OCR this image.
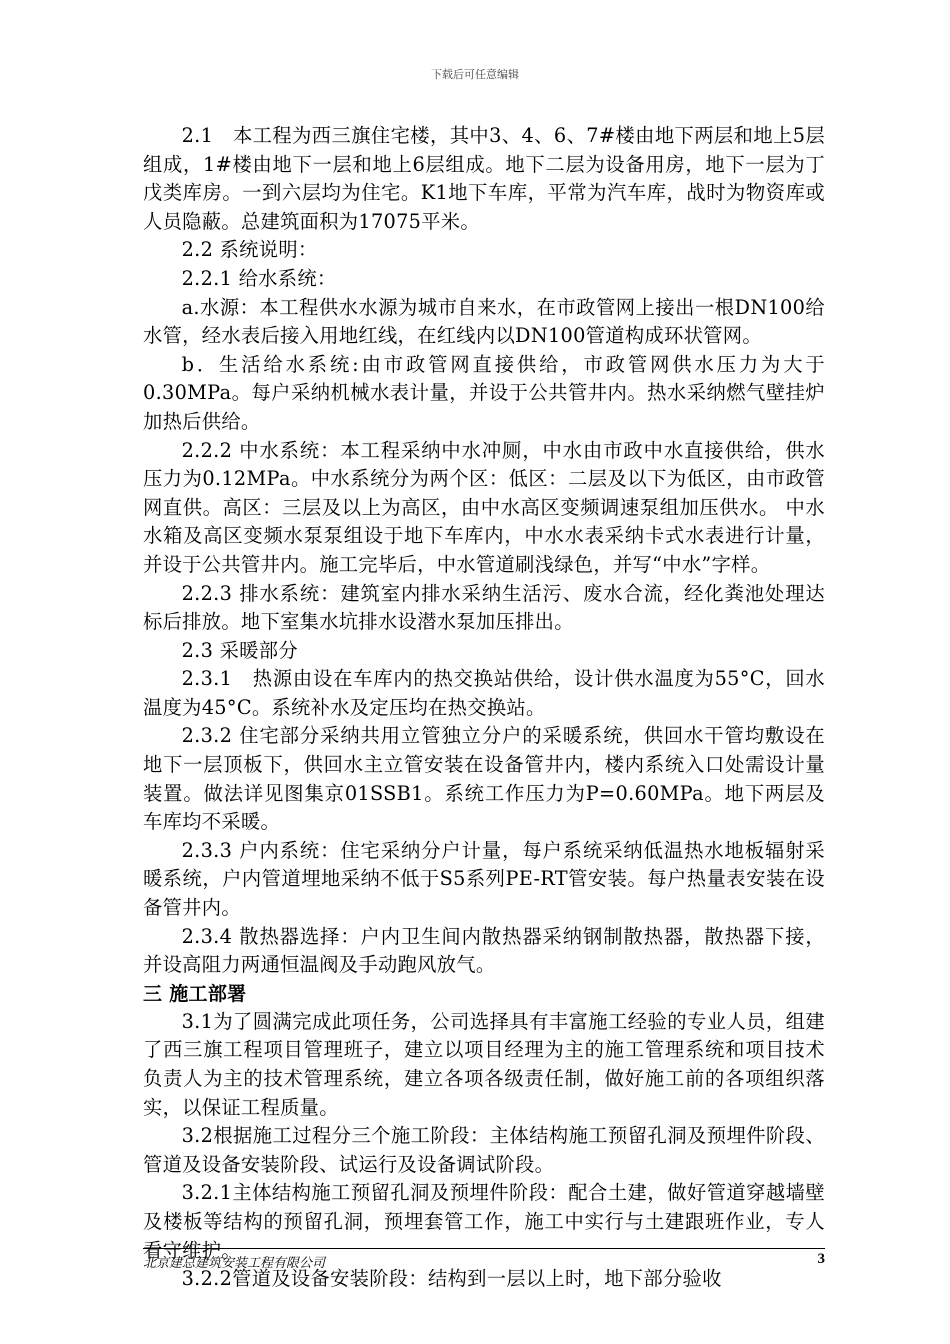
下载后可任意编辑

2.1　本工程为西三旗住宅楼，其中3、4、6、7#楼由地下两层和地上5层组成，1#楼由地下一层和地上6层组成。地下二层为设备用房，地下一层为丁戊类库房。一到六层均为住宅。K1地下车库，平常为汽车库，战时为物资库或人员隐蔽。总建筑面积为17075平米。

2.2 系统说明：

2.2.1 给水系统：

a.水源：本工程供水水源为城市自来水，在市政管网上接出一根DN100给水管，经水表后接入用地红线，在红线内以DN100管道构成环状管网。

b．生活给水系统:由市政管网直接供给，市政管网供水压力为大于0.30MPa。每户采纳机械水表计量，并设于公共管井内。热水采纳燃气壁挂炉加热后供给。

2.2.2 中水系统：本工程采纳中水冲厕，中水由市政中水直接供给，供水压力为0.12MPa。中水系统分为两个区：低区：二层及以下为低区，由市政管网直供。高区：三层及以上为高区，由中水高区变频调速泵组加压供水。 中水水箱及高区变频水泵泵组设于地下车库内，中水水表采纳卡式水表进行计量，并设于公共管井内。施工完毕后，中水管道刷浅绿色，并写“中水”字样。

2.2.3 排水系统：建筑室内排水采纳生活污、废水合流，经化粪池处理达标后排放。地下室集水坑排水设潜水泵加压排出。

2.3 采暖部分

2.3.1　热源由设在车库内的热交换站供给，设计供水温度为55°C，回水温度为45°C。系统补水及定压均在热交换站。

2.3.2 住宅部分采纳共用立管独立分户的采暖系统，供回水干管均敷设在地下一层顶板下，供回水主立管安装在设备管井内，楼内系统入口处需设计量装置。做法详见图集京01SSB1。系统工作压力为P=0.60MPa。地下两层及车库均不采暖。

2.3.3 户内系统：住宅采纳分户计量，每户系统采纳低温热水地板辐射采暖系统，户内管道埋地采纳不低于S5系列PE-RT管安装。每户热量表安装在设备管井内。

2.3.4 散热器选择：户内卫生间内散热器采纳钢制散热器，散热器下接，并设高阻力两通恒温阀及手动跑风放气。

三 施工部署

3.1为了圆满完成此项任务，公司选择具有丰富施工经验的专业人员，组建了西三旗工程项目管理班子，建立以项目经理为主的施工管理系统和项目技术负责人为主的技术管理系统，建立各项各级责任制，做好施工前的各项组织落实，以保证工程质量。

3.2根据施工过程分三个施工阶段：主体结构施工预留孔洞及预埋件阶段、管道及设备安装阶段、试运行及设备调试阶段。

3.2.1主体结构施工预留孔洞及预埋件阶段：配合土建，做好管道穿越墙壁及楼板等结构的预留孔洞，预埋套管工作，施工中实行与土建跟班作业，专人看守维护。

3.2.2管道及设备安装阶段：结构到一层以上时，地下部分验收

北京建总建筑安装工程有限公司	3
